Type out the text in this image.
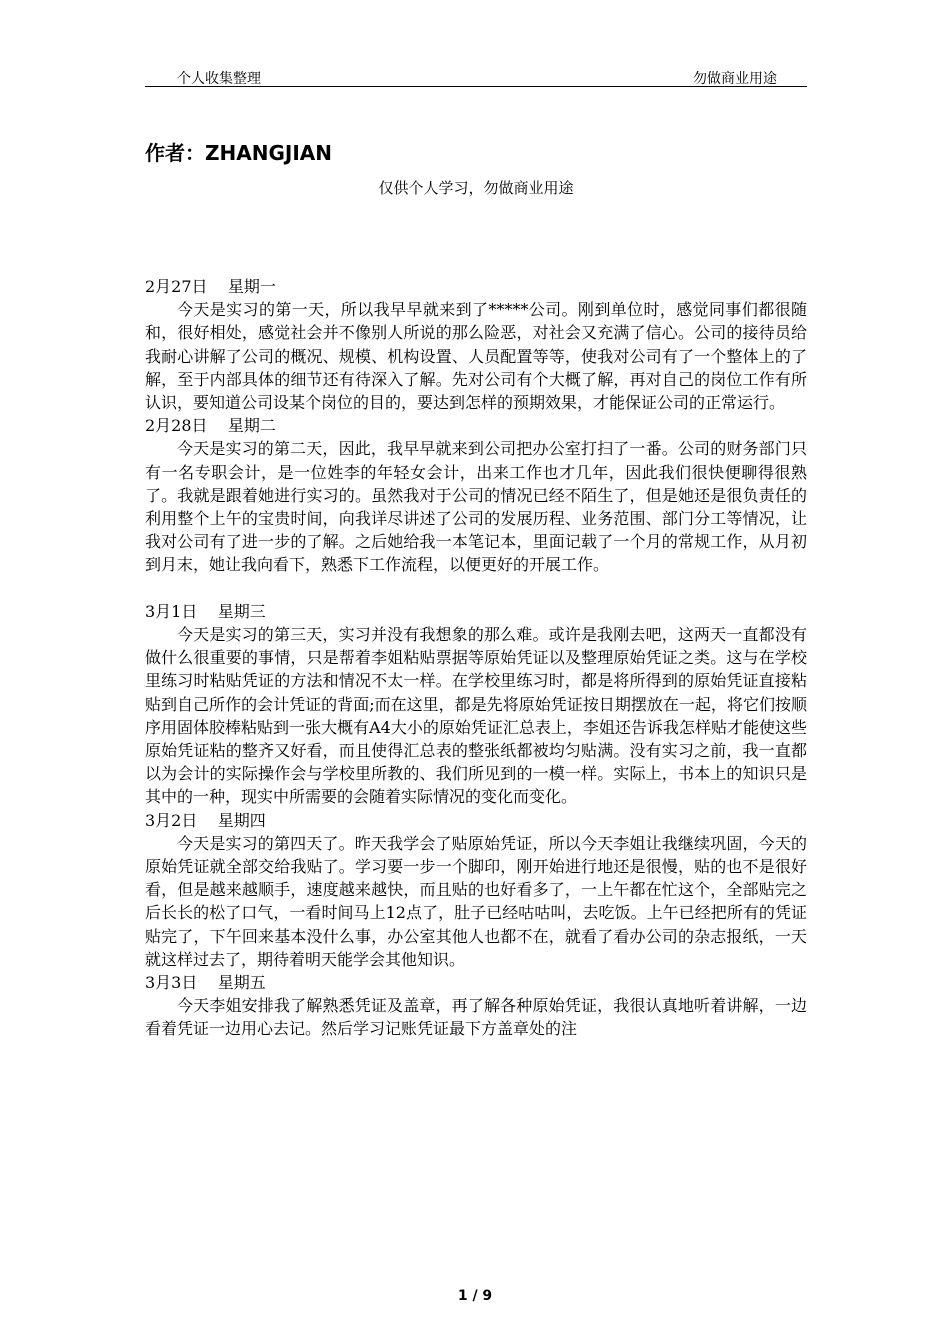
个人收集整理	勿做商业用途
作者：ZHANGJIAN
仅供个人学习，勿做商业用途

2月27日    星期一

今天是实习的第一天，所以我早早就来到了*****公司。刚到单位时，感觉同事们都很随和，很好相处，感觉社会并不像别人所说的那么险恶，对社会又充满了信心。公司的接待员给我耐心讲解了公司的概况、规模、机构设置、人员配置等等，使我对公司有了一个整体上的了解，至于内部具体的细节还有待深入了解。先对公司有个大概了解，再对自己的岗位工作有所认识，要知道公司设某个岗位的目的，要达到怎样的预期效果，才能保证公司的正常运行。

2月28日    星期二

今天是实习的第二天，因此，我早早就来到公司把办公室打扫了一番。公司的财务部门只有一名专职会计，是一位姓李的年轻女会计，出来工作也才几年，因此我们很快便聊得很熟了。我就是跟着她进行实习的。虽然我对于公司的情况已经不陌生了，但是她还是很负责任的利用整个上午的宝贵时间，向我详尽讲述了公司的发展历程、业务范围、部门分工等情况，让我对公司有了进一步的了解。之后她给我一本笔记本，里面记载了一个月的常规工作，从月初到月末，她让我向看下，熟悉下工作流程，以便更好的开展工作。

3月1日    星期三

今天是实习的第三天，实习并没有我想象的那么难。或许是我刚去吧，这两天一直都没有做什么很重要的事情，只是帮着李姐粘贴票据等原始凭证以及整理原始凭证之类。这与在学校里练习时粘贴凭证的方法和情况不太一样。在学校里练习时，都是将所得到的原始凭证直接粘贴到自己所作的会计凭证的背面;而在这里，都是先将原始凭证按日期摆放在一起，将它们按顺序用固体胶棒粘贴到一张大概有A4大小的原始凭证汇总表上，李姐还告诉我怎样贴才能使这些原始凭证粘的整齐又好看，而且使得汇总表的整张纸都被均匀贴满。没有实习之前，我一直都以为会计的实际操作会与学校里所教的、我们所见到的一模一样。实际上，书本上的知识只是其中的一种，现实中所需要的会随着实际情况的变化而变化。

3月2日    星期四

今天是实习的第四天了。昨天我学会了贴原始凭证，所以今天李姐让我继续巩固，今天的原始凭证就全部交给我贴了。学习要一步一个脚印，刚开始进行地还是很慢，贴的也不是很好看，但是越来越顺手，速度越来越快，而且贴的也好看多了，一上午都在忙这个，全部贴完之后长长的松了口气，一看时间马上12点了，肚子已经咕咕叫，去吃饭。上午已经把所有的凭证贴完了，下午回来基本没什么事，办公室其他人也都不在，就看了看办公司的杂志报纸，一天就这样过去了，期待着明天能学会其他知识。

3月3日    星期五

今天李姐安排我了解熟悉凭证及盖章，再了解各种原始凭证，我很认真地听着讲解，一边看着凭证一边用心去记。然后学习记账凭证最下方盖章处的注

1 / 9
